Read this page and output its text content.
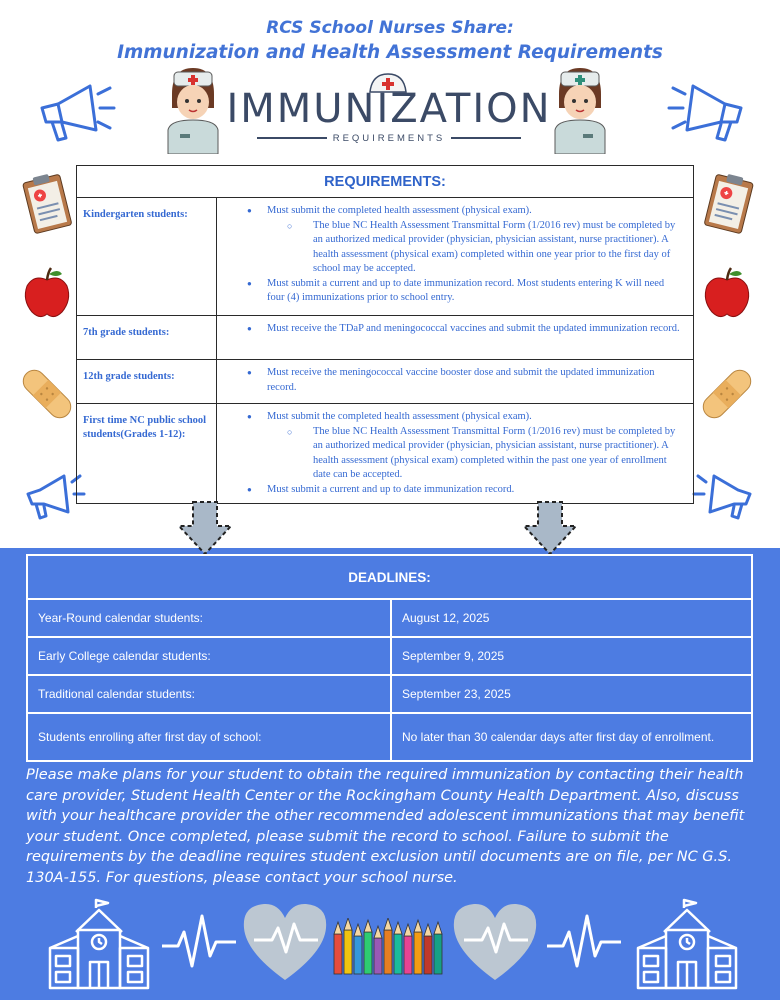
RCS School Nurses Share:
Immunization and Health Assessment Requirements
IMMUNIZATION
REQUIREMENTS
REQUIREMENTS:	
Kindergarten students:	● Must submit the completed health assessment (physical exam).
○ The blue NC Health Assessment Transmittal Form (1/2016 rev) must be completed by an authorized medical provider (physician, physician assistant, nurse practitioner). A health assessment (physical exam) completed within one year prior to the first day of school may be accepted.
● Must submit a current and up to date immunization record. Most students entering K will need four (4) immunizations prior to school entry.

7th grade students:	● Must receive the TDaP and meningococcal vaccines and submit the updated immunization record.

12th grade students:	● Must receive the meningococcal vaccine booster dose and submit the updated immunization record.

First time NC public school students(Grades 1-12):	● Must submit the completed health assessment (physical exam).
○ The blue NC Health Assessment Transmittal Form (1/2016 rev) must be completed by an authorized medical provider (physician, physician assistant, nurse practitioner). A health assessment (physical exam) completed within the past one year of enrollment date can be accepted.
● Must submit a current and up to date immunization record.
DEADLINES:	
Year-Round calendar students:	August 12, 2025
Early College calendar students:	September 9, 2025
Traditional calendar students:	September 23, 2025
Students enrolling after first day of school:	No later than 30 calendar days after first day of enrollment.
Please make plans for your student to obtain the required immunization by contacting their health care provider, Student Health Center or the Rockingham County Health Department. Also, discuss with your healthcare provider the other recommended adolescent immunizations that may benefit your student. Once completed, please submit the record to school. Failure to submit the requirements by the deadline requires student exclusion until documents are on file, per NC G.S. 130A-155. For questions, please contact your school nurse.
